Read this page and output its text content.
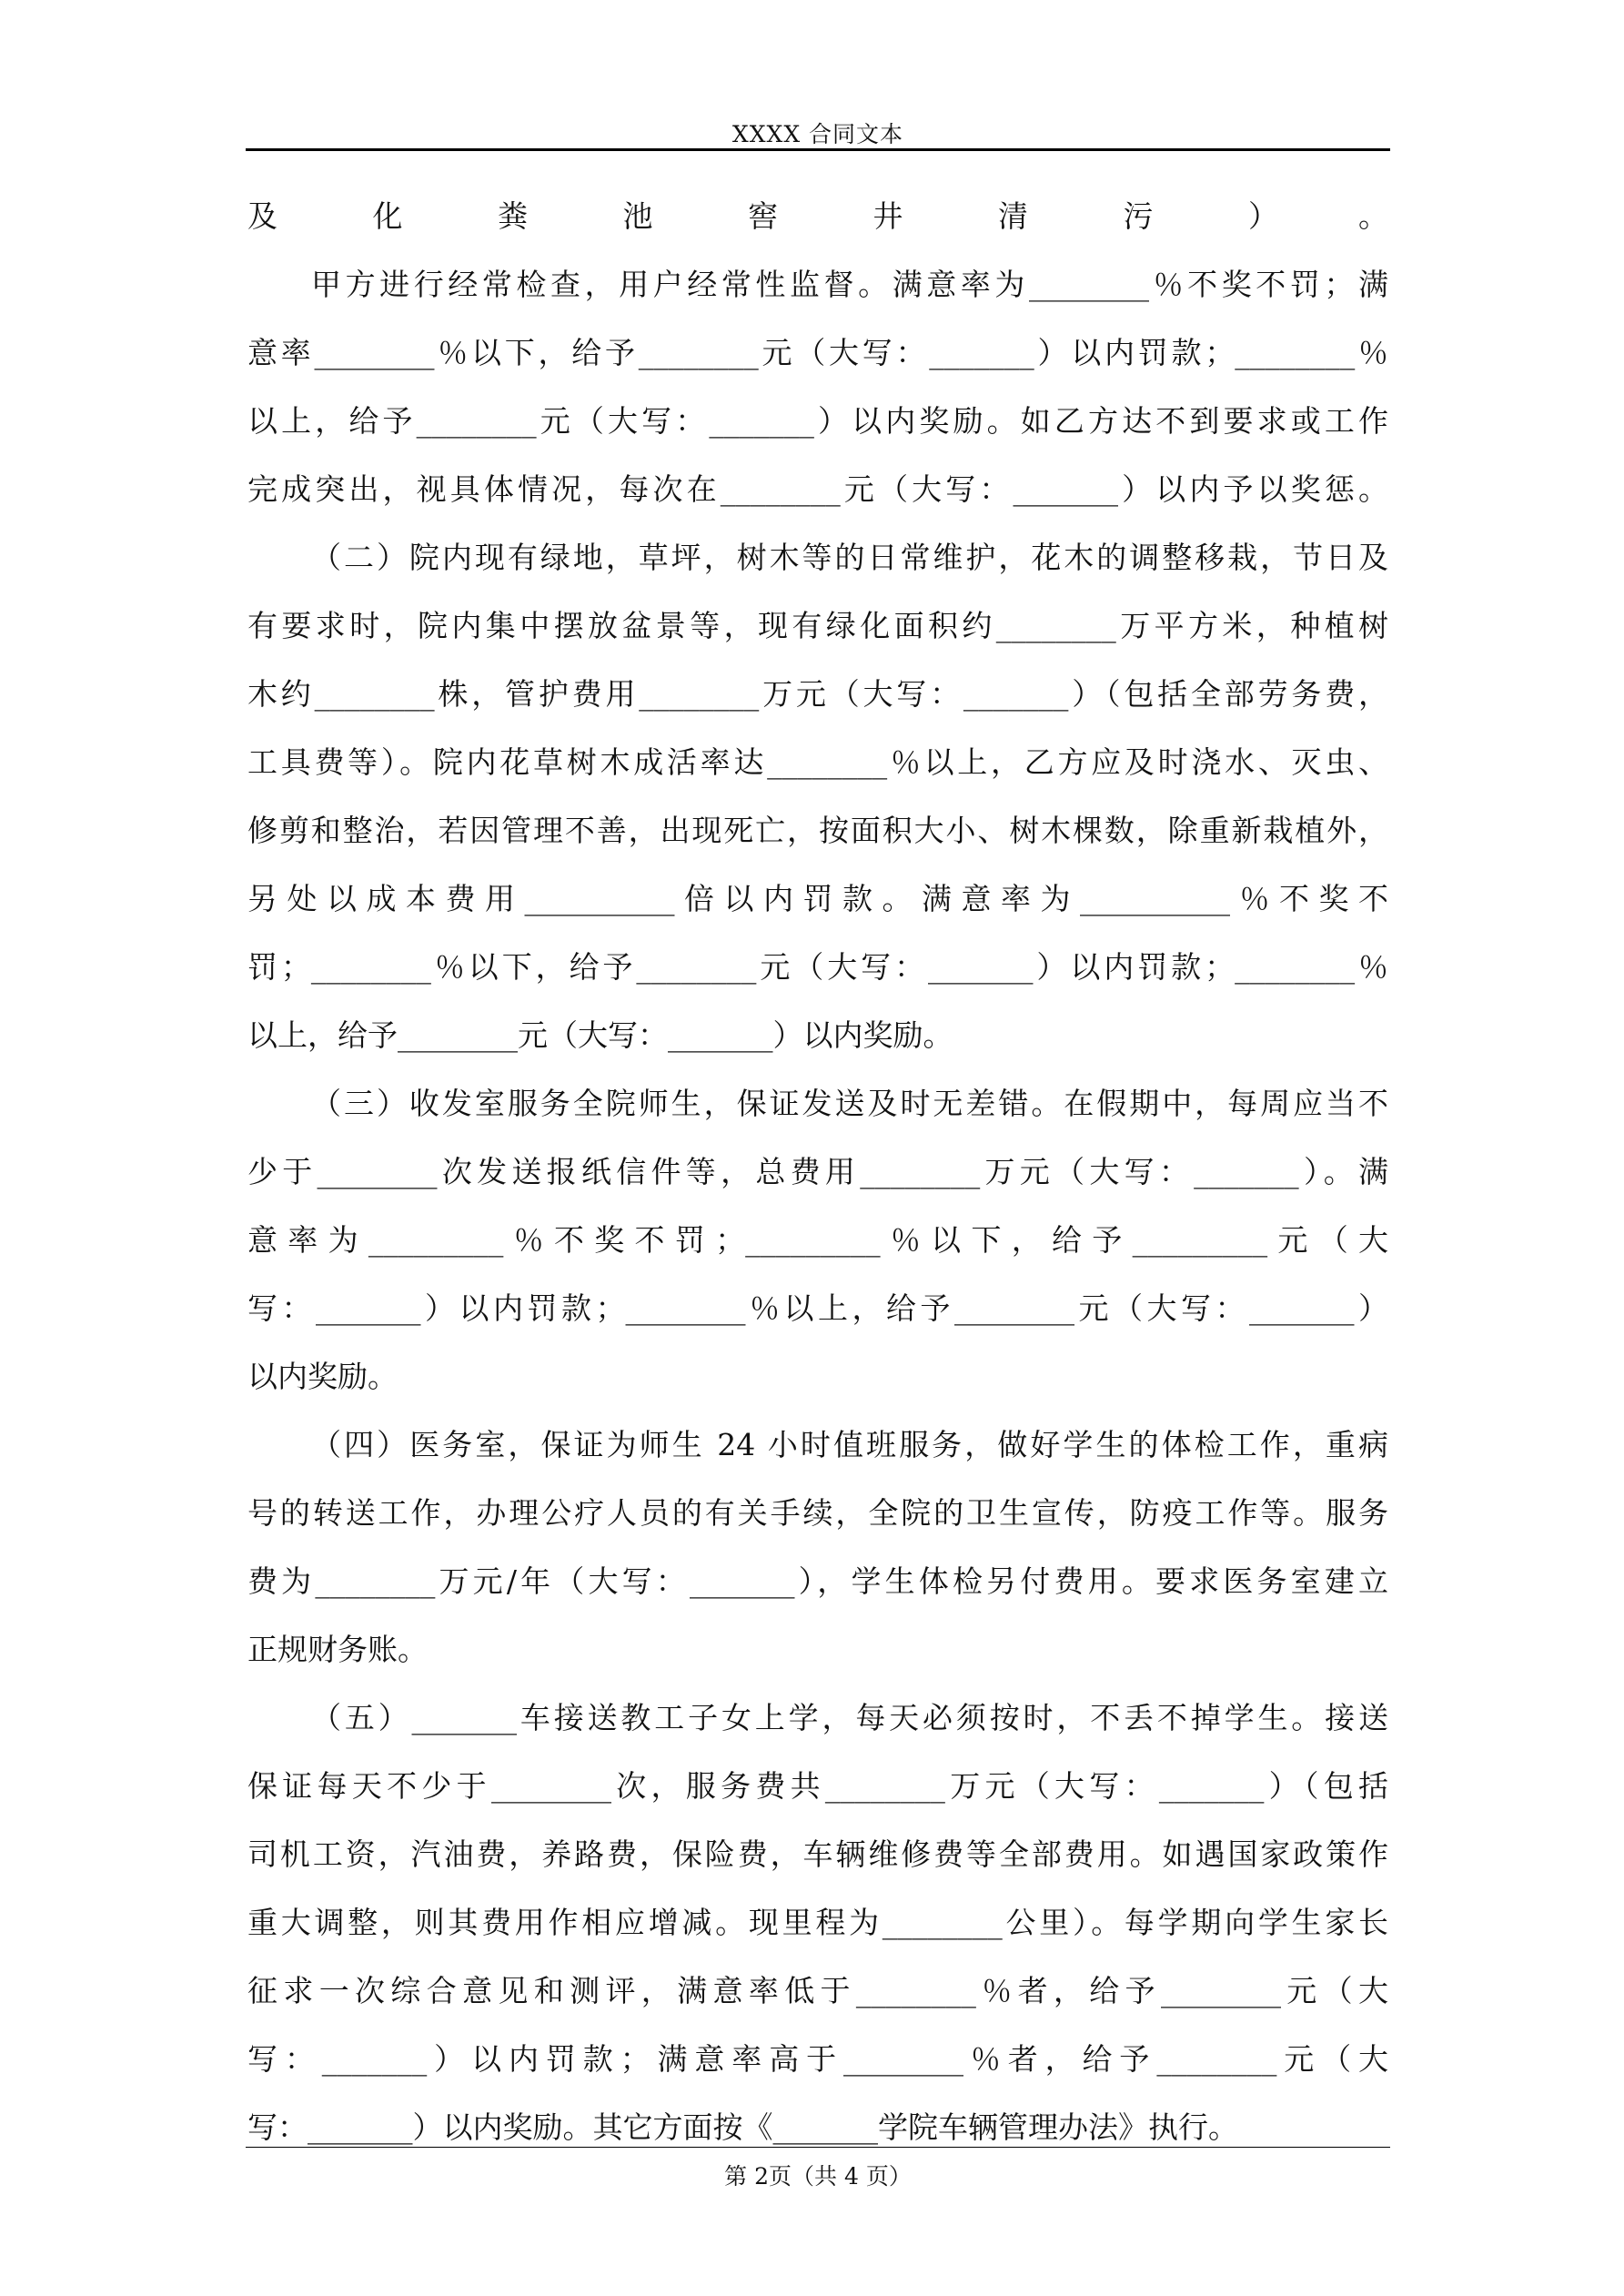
XXXX 合同文本
及化粪池窖井清污）。
甲方进行经常检查，用户经常性监督。满意率为________％不奖不罚；满
意率________％以下，给予________元（大写：_______）以内罚款；________％
以上，给予________元（大写：_______）以内奖励。如乙方达不到要求或工作
完成突出，视具体情况，每次在________元（大写：_______）以内予以奖惩。
（二）院内现有绿地，草坪，树木等的日常维护，花木的调整移栽，节日及
有要求时，院内集中摆放盆景等，现有绿化面积约________万平方米，种植树
木约________株，管护费用________万元（大写：_______）（包括全部劳务费，
工具费等）。院内花草树木成活率达________％以上，乙方应及时浇水、灭虫、
修剪和整治，若因管理不善，出现死亡，按面积大小、树木棵数，除重新栽植外，
另处以成本费用__________倍以内罚款。满意率为__________％不奖不
罚；________％以下，给予________元（大写：_______）以内罚款；________％
以上，给予________元（大写：_______）以内奖励。
（三）收发室服务全院师生，保证发送及时无差错。在假期中，每周应当不
少于________次发送报纸信件等，总费用________万元（大写：_______）。满
意率为_________％不奖不罚；_________％以下，给予_________元（大
写：_______）以内罚款；________％以上，给予________元（大写：_______）
以内奖励。
（四）医务室，保证为师生 24 小时值班服务，做好学生的体检工作，重病
号的转送工作，办理公疗人员的有关手续，全院的卫生宣传，防疫工作等。服务
费为________万元/年（大写：_______），学生体检另付费用。要求医务室建立
正规财务账。
（五）_______车接送教工子女上学，每天必须按时，不丢不掉学生。接送
保证每天不少于________次，服务费共________万元（大写：_______）（包括
司机工资，汽油费，养路费，保险费，车辆维修费等全部费用。如遇国家政策作
重大调整，则其费用作相应增减。现里程为________公里）。每学期向学生家长
征求一次综合意见和测评，满意率低于________％者，给予________元（大
写：_______）以内罚款；满意率高于________％者，给予________元（大
写：_______）以内奖励。其它方面按《_______学院车辆管理办法》执行。
第 2页（共 4 页）
